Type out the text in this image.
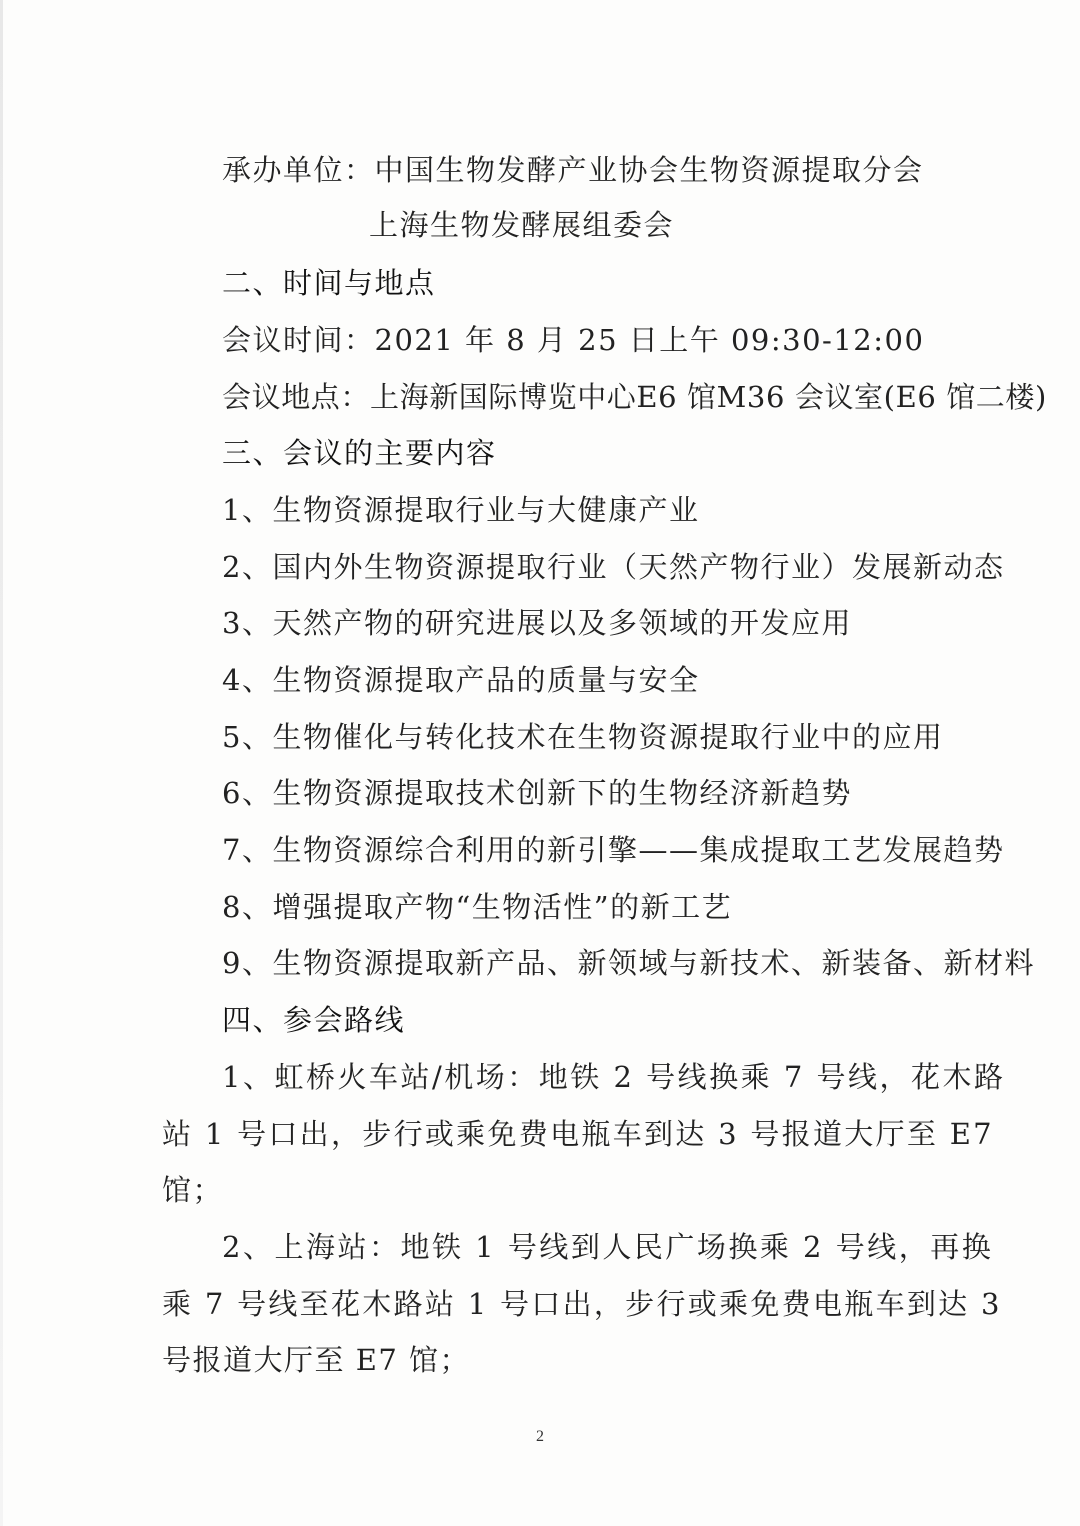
承办单位：中国生物发酵产业协会生物资源提取分会
上海生物发酵展组委会
二、时间与地点
会议时间：2021 年 8 月 25 日上午 09:30-12:00
会议地点：上海新国际博览中心E6 馆M36 会议室(E6 馆二楼)
三、会议的主要内容
1、生物资源提取行业与大健康产业
2、国内外生物资源提取行业（天然产物行业）发展新动态
3、天然产物的研究进展以及多领域的开发应用
4、生物资源提取产品的质量与安全
5、生物催化与转化技术在生物资源提取行业中的应用
6、生物资源提取技术创新下的生物经济新趋势
7、生物资源综合利用的新引擎——集成提取工艺发展趋势
8、增强提取产物“生物活性”的新工艺
9、生物资源提取新产品、新领域与新技术、新装备、新材料
四、参会路线
1、虹桥火车站/机场：地铁 2 号线换乘 7 号线，花木路
站 1 号口出，步行或乘免费电瓶车到达 3 号报道大厅至 E7
馆；
2、上海站：地铁 1 号线到人民广场换乘 2 号线，再换
乘 7 号线至花木路站 1 号口出，步行或乘免费电瓶车到达 3
号报道大厅至 E7 馆；
2
